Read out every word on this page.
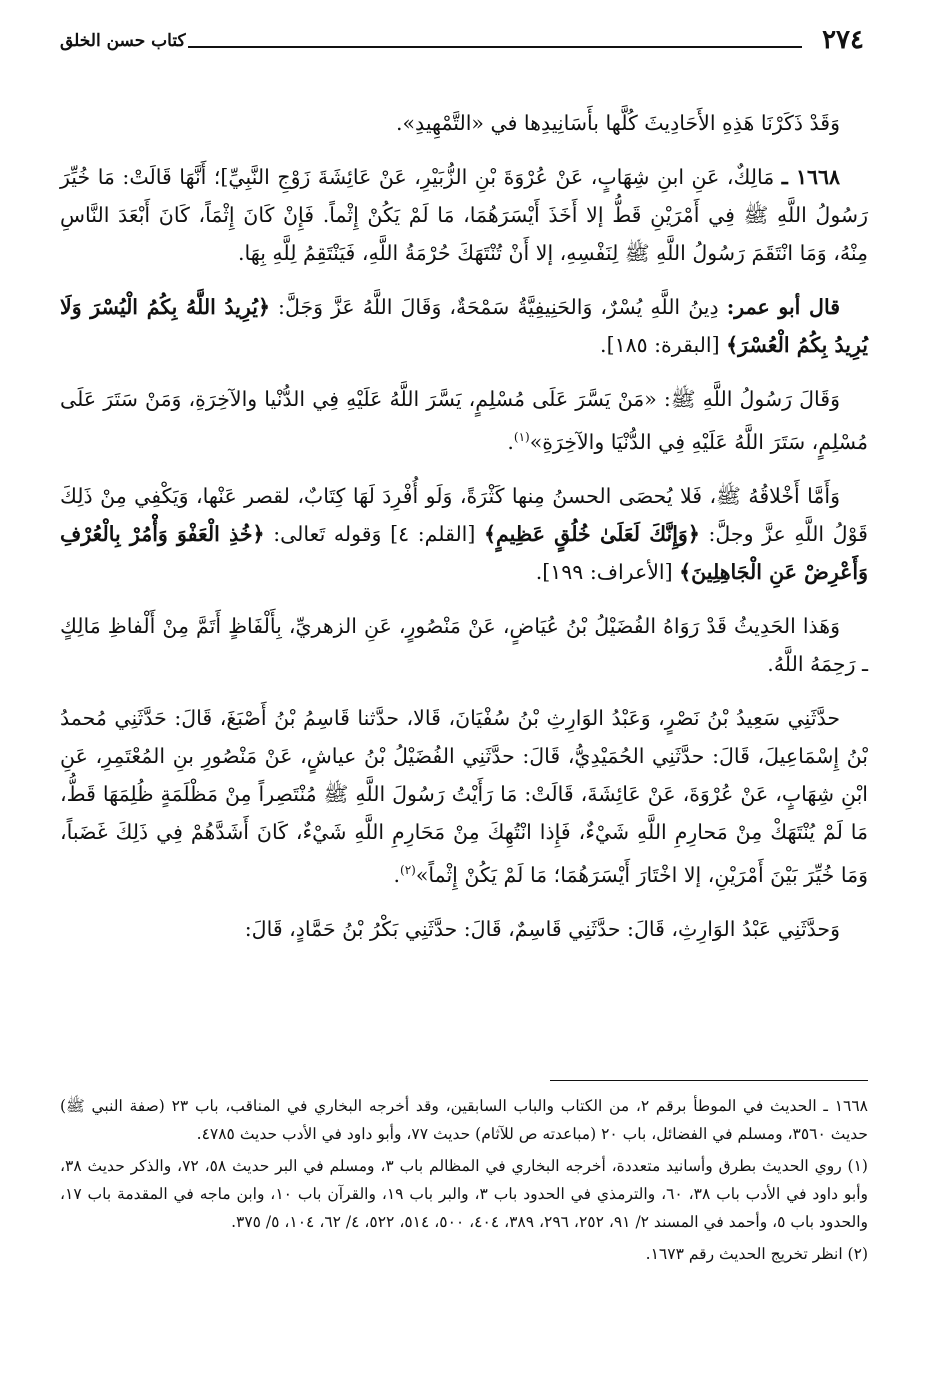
٢٧٤
كتاب حسن الخلق

وَقَدْ ذَكَرْنَا هَذِهِ الأَحَادِيثَ كُلَّها بأَسَانِيدِها في «التَّمْهِيدِ».

١٦٦٨ ـ مَالِكٌ، عَنِ ابنِ شِهَابٍ، عَنْ عُرْوَةَ بْنِ الزُّبَيْرِ، عَنْ عَائِشَةَ زَوْجِ النَّبِيِّ]؛ أَنَّهَا قَالَتْ: مَا خُيِّرَ رَسُولُ اللَّهِ ﷺ فِي أَمْرَيْنِ قَطُّ إلا أَخَذَ أَيْسَرَهُمَا، مَا لَمْ يَكُنْ إِثْماً. فَإِنْ كَانَ إِثْمَاً، كَانَ أَبْعَدَ النَّاسِ مِنْهُ، وَمَا انْتَقَمَ رَسُولُ اللَّهِ ﷺ لِنَفْسِهِ، إلا أَنْ تُنْتَهَكَ حُرْمَةُ اللَّهِ، فَيَنْتَقِمُ لِلَّهِ بِهَا.

قال أبو عمر: دِينُ اللَّهِ يُسْرٌ، وَالحَنِيفِيَّةُ سَمْحَةٌ، وَقَالَ اللَّهُ عَزَّ وَجَلَّ: ﴿يُرِيدُ اللَّهُ بِكُمُ الْيُسْرَ وَلَا يُرِيدُ بِكُمُ الْعُسْرَ﴾ [البقرة: ١٨٥].

وَقَالَ رَسُولُ اللَّهِ ﷺ: «مَنْ يَسَّرَ عَلَى مُسْلِمٍ، يَسَّرَ اللَّهُ عَلَيْهِ فِي الدُّنْيا والآخِرَةِ، وَمَنْ سَتَرَ عَلَى مُسْلِمٍ، سَتَرَ اللَّهُ عَلَيْهِ فِي الدُّنْيَا والآخِرَةِ»$^{(١)}$.

وَأَمَّا أَخْلاقُهُ ﷺ، فَلا يُحصَى الحسنُ مِنها كَثْرَةً، وَلَو أُفْرِدَ لَهَا كِتَابٌ، لقصر عَنْها، وَيَكْفِي مِنْ ذَلِكَ قَوْلُ اللَّهِ عزَّ وجلَّ: ﴿وَإِنَّكَ لَعَلَىٰ خُلُقٍ عَظِيمٍ﴾ [القلم: ٤] وَقوله تَعالى: ﴿خُذِ الْعَفْوَ وَأْمُرْ بِالْعُرْفِ وَأَعْرِضْ عَنِ الْجَاهِلِينَ﴾ [الأعراف: ١٩٩].

وَهَذا الحَدِيثُ قَدْ رَوَاهُ الفُضَيْلُ بْنُ عُيَاضٍ، عَنْ مَنْصُورٍ، عَنِ الزهريِّ، بِأَلْفَاظٍ أَتَمَّ مِنْ أَلْفاظِ مَالِكٍ ـ رَحِمَهُ اللَّهُ.

حدَّثَنِي سَعِيدُ بْنُ نَصْرٍ، وَعَبْدُ الوَارِثِ بْنُ سُفْيَانَ، قَالا، حدَّثنا قَاسِمُ بْنُ أَصْبَغَ، قَالَ: حَدَّثَنِي مُحمدُ بْنُ إِسْمَاعِيلَ، قَالَ: حدَّثَنِي الحُمَيْدِيُّ، قَالَ: حدَّثَنِي الفُضَيْلُ بْنُ عياشٍ، عَنْ مَنْصُورِ بنِ المُعْتَمِرِ، عَنِ ابْنِ شِهَابٍ، عَنْ عُرْوَةَ، عَنْ عَائِشَةَ، قَالَتْ: مَا رَأَيْتُ رَسُولَ اللَّهِ ﷺ مُنْتَصِراً مِنْ مَظْلَمَةٍ ظُلِمَهَا قَطُّ، مَا لَمْ يُنْتَهَكْ مِنْ مَحارِمِ اللَّهِ شَيْءٌ، فَإِذا انْتُهِكَ مِنْ مَحَارِمِ اللَّهِ شَيْءٌ، كَانَ أَشَدَّهُمْ فِي ذَلِكَ غَضَباً، وَمَا خُيِّرَ بَيْنَ أَمْرَيْنِ، إلا اخْتَارَ أَيْسَرَهُمَا؛ مَا لَمْ يَكُنْ إِثْماً»$^{(٢)}$.

وَحدَّثَنِي عَبْدُ الوَارِثِ، قَالَ: حدَّثَنِي قَاسِمٌ، قَالَ: حدَّثَنِي بَكْرُ بْنُ حَمَّادٍ، قَالَ:

١٦٦٨ ـ الحديث في الموطأ برقم ٢، من الكتاب والباب السابقين، وقد أخرجه البخاري في المناقب، باب ٢٣ (صفة النبي ﷺ) حديث ٣٥٦٠، ومسلم في الفضائل، باب ٢٠ (مباعدته ص للآثام) حديث ٧٧، وأبو داود في الأدب حديث ٤٧٨٥.

(١) روي الحديث بطرق وأسانيد متعددة، أخرجه البخاري في المظالم باب ٣، ومسلم في البر حديث ٥٨، ٧٢، والذكر حديث ٣٨، وأبو داود في الأدب باب ٣٨، ٦٠، والترمذي في الحدود باب ٣، والبر باب ١٩، والقرآن باب ١٠، وابن ماجه في المقدمة باب ١٧، والحدود باب ٥، وأحمد في المسند ٢/ ٩١، ٢٥٢، ٢٩٦، ٣٨٩، ٤٠٤، ٥٠٠، ٥١٤، ٥٢٢، ٤/ ٦٢، ١٠٤، ٥/ ٣٧٥.

(٢) انظر تخريج الحديث رقم ١٦٧٣.
